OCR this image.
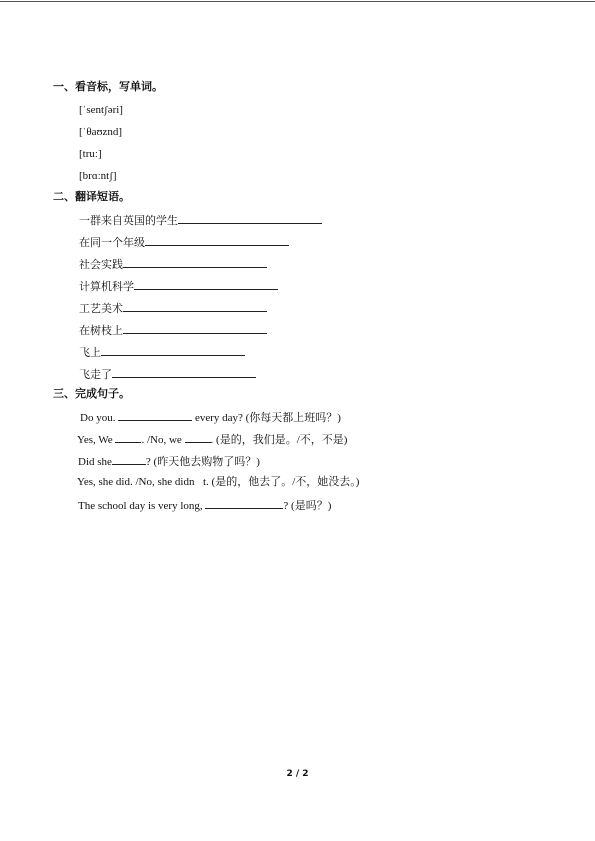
一、看音标，写单词。
[ˈsentʃəri]
[ˈθaʊznd]
[truː]
[brɑːntʃ]
二、翻译短语。
一群来自英国的学生
在同一个年级
社会实践
计算机科学
工艺美术
在树枝上
飞上
飞走了
三、完成句子。
Do you.	every day? (你每天都上班吗？)
Yes, We . /No, we . (是的，我们是。/不，不是)
Did she	? (昨天他去购物了吗？)
Yes, she did. /No, she didn t. (是的，他去了。/不，她没去。)
The school day is very long,	? (是吗？)
2 / 2
